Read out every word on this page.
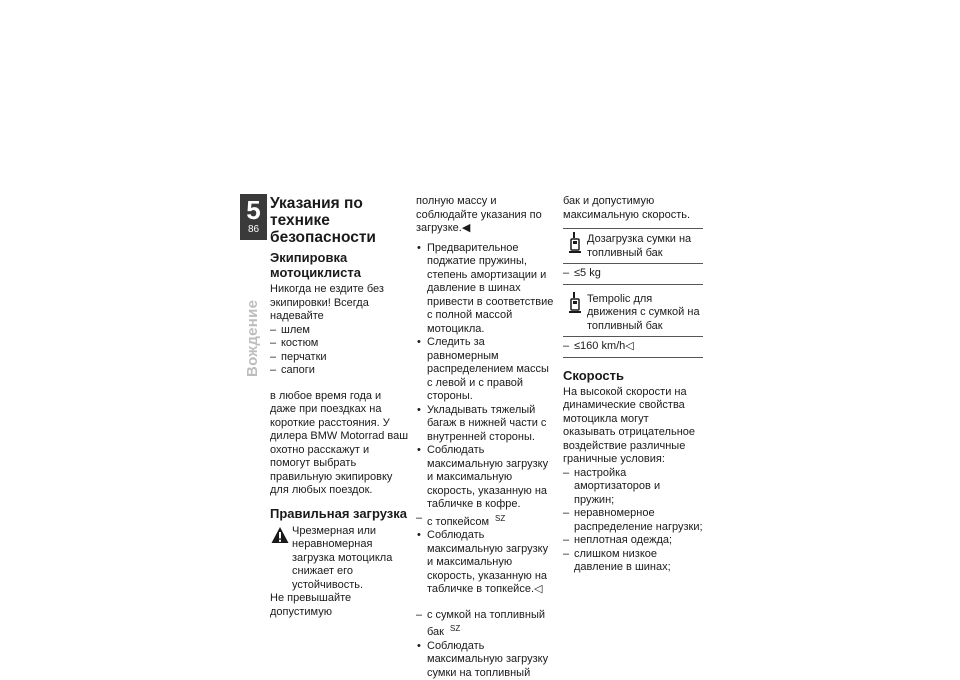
5
86
Вождение
Указания по технике безопасности
Экипировка мотоциклиста

Никогда не ездите без экипировки! Всегда надевайте

– шлем
– костюм
– перчатки
– сапоги

в любое время года и даже при поездках на короткие расстояния. У дилера BMW Motorrad ваш охотно расскажут и помогут выбрать правильную экипировку для любых поездок.

Правильная загрузка

Чрезмерная или неравномерная загрузка мотоцикла снижает его устойчивость.

Не превышайте допустимую

полную массу и соблюдайте указания по загрузке.◀

• Предварительное поджатие пружины, степень амортизации и давление в шинах привести в соответствие с полной массой мотоцикла.
• Следить за равномерным распределением массы с левой и с правой стороны.
• Укладывать тяжелый багаж в нижней части с внутренней стороны.
• Соблюдать максимальную загрузку и максимальную скорость, указанную на табличке в кофре.
– с топкейсом $^{SZ}$
• Соблюдать максимальную загрузку и максимальную скорость, указанную на табличке в топкейсе.◁
– с сумкой на топливный бак $^{SZ}$
• Соблюдать максимальную загрузку сумки на топливный

бак и допустимую максимальную скорость.

Дозагрузка сумки на топливный бак

– ≤5 kg

Tempolic для движения с сумкой на топливный бак

– ≤160 km/h◁
Скорость

На высокой скорости на динамические свойства мотоцикла могут оказывать отрицательное воздействие различные граничные условия:

– настройка амортизаторов и пружин;
– неравномерное распределение нагрузки;
– неплотная одежда;
– слишком низкое давление в шинах;
